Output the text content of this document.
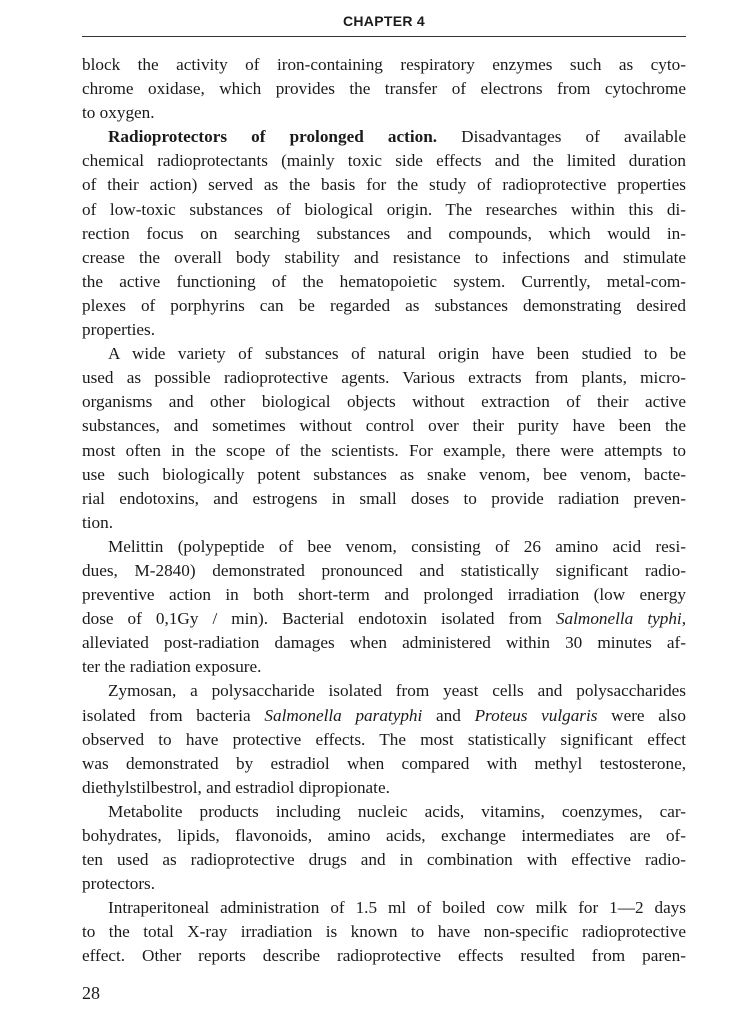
CHAPTER 4
block the activity of iron-containing respiratory enzymes such as cyto-
chrome oxidase, which provides the transfer of electrons from cytochrome
to oxygen.
Radioprotectors of prolonged action. Disadvantages of available
chemical radioprotectants (mainly toxic side effects and the limited duration
of their action) served as the basis for the study of radioprotective properties
of low-toxic substances of biological origin. The researches within this di-
rection focus on searching substances and compounds, which would in-
crease the overall body stability and resistance to infections and stimulate
the active functioning of the hematopoietic system. Currently, metal-com-
plexes of porphyrins can be regarded as substances demonstrating desired
properties.
A wide variety of substances of natural origin have been studied to be
used as possible radioprotective agents. Various extracts from plants, micro-
organisms and other biological objects without extraction of their active
substances, and sometimes without control over their purity have been the
most often in the scope of the scientists. For example, there were attempts to
use such biologically potent substances as snake venom, bee venom, bacte-
rial endotoxins, and estrogens in small doses to provide radiation preven-
tion.
Melittin (polypeptide of bee venom, consisting of 26 amino acid resi-
dues, M-2840) demonstrated pronounced and statistically significant radio-
preventive action in both short-term and prolonged irradiation (low energy
dose of 0,1Gy / min). Bacterial endotoxin isolated from Salmonella typhi,
alleviated post-radiation damages when administered within 30 minutes af-
ter the radiation exposure.
Zymosan, a polysaccharide isolated from yeast cells and polysaccharides
isolated from bacteria Salmonella paratyphi and Proteus vulgaris were also
observed to have protective effects. The most statistically significant effect
was demonstrated by estradiol when compared with methyl testosterone,
diethylstilbestrol, and estradiol dipropionate.
Metabolite products including nucleic acids, vitamins, coenzymes, car-
bohydrates, lipids, flavonoids, amino acids, exchange intermediates are of-
ten used as radioprotective drugs and in combination with effective radio-
protectors.
Intraperitoneal administration of 1.5 ml of boiled cow milk for 1—2 days
to the total X-ray irradiation is known to have non-specific radioprotective
effect. Other reports describe radioprotective effects resulted from paren-
28
